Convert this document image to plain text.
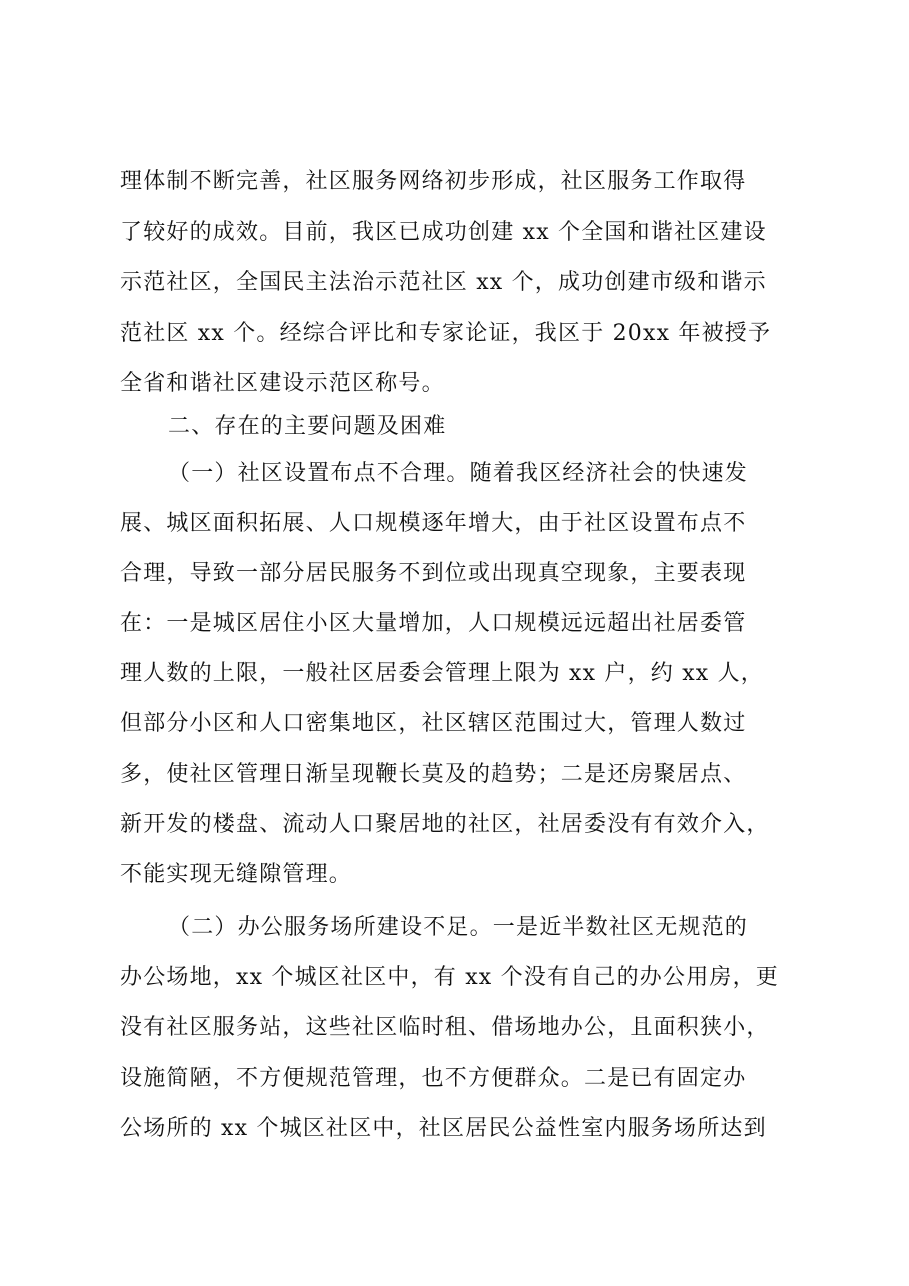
理体制不断完善，社区服务网络初步形成，社区服务工作取得
了较好的成效。目前，我区已成功创建 xx 个全国和谐社区建设
示范社区，全国民主法治示范社区 xx 个，成功创建市级和谐示
范社区 xx 个。经综合评比和专家论证，我区于 20xx 年被授予
全省和谐社区建设示范区称号。
二、存在的主要问题及困难
（一）社区设置布点不合理。随着我区经济社会的快速发
展、城区面积拓展、人口规模逐年增大，由于社区设置布点不
合理，导致一部分居民服务不到位或出现真空现象，主要表现
在：一是城区居住小区大量增加，人口规模远远超出社居委管
理人数的上限，一般社区居委会管理上限为 xx 户，约 xx 人，
但部分小区和人口密集地区，社区辖区范围过大，管理人数过
多，使社区管理日渐呈现鞭长莫及的趋势；二是还房聚居点、
新开发的楼盘、流动人口聚居地的社区，社居委没有有效介入，
不能实现无缝隙管理。
（二）办公服务场所建设不足。一是近半数社区无规范的
办公场地，xx 个城区社区中，有 xx 个没有自己的办公用房，更
没有社区服务站，这些社区临时租、借场地办公，且面积狭小，
设施简陋，不方便规范管理，也不方便群众。二是已有固定办
公场所的 xx 个城区社区中，社区居民公益性室内服务场所达到
